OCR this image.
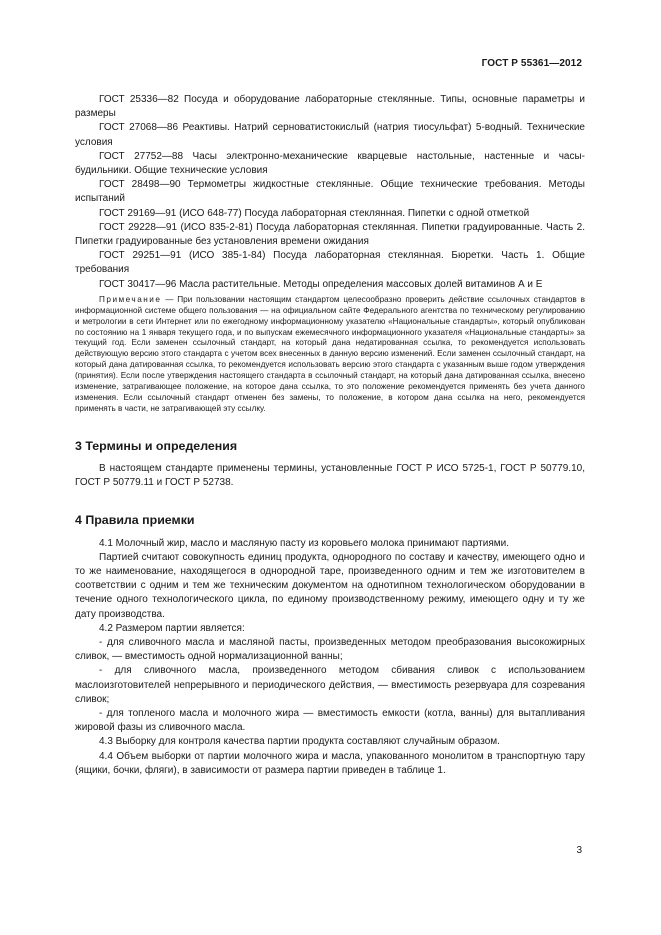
ГОСТ Р 55361—2012

ГОСТ 25336—82 Посуда и оборудование лабораторные стеклянные. Типы, основные параметры и размеры

ГОСТ 27068—86 Реактивы. Натрий серноватистокислый (натрия тиосульфат) 5-водный. Технические условия

ГОСТ 27752—88 Часы электронно-механические кварцевые настольные, настенные и часы-будильники. Общие технические условия

ГОСТ 28498—90 Термометры жидкостные стеклянные. Общие технические требования. Методы испытаний

ГОСТ 29169—91 (ИСО 648-77) Посуда лабораторная стеклянная. Пипетки с одной отметкой

ГОСТ 29228—91 (ИСО 835-2-81) Посуда лабораторная стеклянная. Пипетки градуированные. Часть 2. Пипетки градуированные без установления времени ожидания

ГОСТ 29251—91 (ИСО 385-1-84) Посуда лабораторная стеклянная. Бюретки. Часть 1. Общие требования

ГОСТ 30417—96 Масла растительные. Методы определения массовых долей витаминов А и Е

Примечание — При пользовании настоящим стандартом целесообразно проверить действие ссылочных стандартов в информационной системе общего пользования — на официальном сайте Федерального агентства по техническому регулированию и метрологии в сети Интернет или по ежегодному информационному указателю «Национальные стандарты», который опубликован по состоянию на 1 января текущего года, и по выпускам ежемесячного информационного указателя «Национальные стандарты» за текущий год. Если заменен ссылочный стандарт, на который дана недатированная ссылка, то рекомендуется использовать действующую версию этого стандарта с учетом всех внесенных в данную версию изменений. Если заменен ссылочный стандарт, на который дана датированная ссылка, то рекомендуется использовать версию этого стандарта с указанным выше годом утверждения (принятия). Если после утверждения настоящего стандарта в ссылочный стандарт, на который дана датированная ссылка, внесено изменение, затрагивающее положение, на которое дана ссылка, то это положение рекомендуется применять без учета данного изменения. Если ссылочный стандарт отменен без замены, то положение, в котором дана ссылка на него, рекомендуется применять в части, не затрагивающей эту ссылку.

3 Термины и определения

В настоящем стандарте применены термины, установленные ГОСТ Р ИСО 5725-1, ГОСТ Р 50779.10, ГОСТ Р 50779.11 и ГОСТ Р 52738.

4 Правила приемки

4.1 Молочный жир, масло и масляную пасту из коровьего молока принимают партиями.

Партией считают совокупность единиц продукта, однородного по составу и качеству, имеющего одно и то же наименование, находящегося в однородной таре, произведенного одним и тем же изготовителем в соответствии с одним и тем же техническим документом на однотипном технологическом оборудовании в течение одного технологического цикла, по единому производственному режиму, имеющего одну и ту же дату производства.

4.2 Размером партии является:

- для сливочного масла и масляной пасты, произведенных методом преобразования высокожирных сливок, — вместимость одной нормализационной ванны;

- для сливочного масла, произведенного методом сбивания сливок с использованием маслоизготовителей непрерывного и периодического действия, — вместимость резервуара для созревания сливок;

- для топленого масла и молочного жира — вместимость емкости (котла, ванны) для вытапливания жировой фазы из сливочного масла.

4.3 Выборку для контроля качества партии продукта составляют случайным образом.

4.4 Объем выборки от партии молочного жира и масла, упакованного монолитом в транспортную тару (ящики, бочки, фляги), в зависимости от размера партии приведен в таблице 1.

3
